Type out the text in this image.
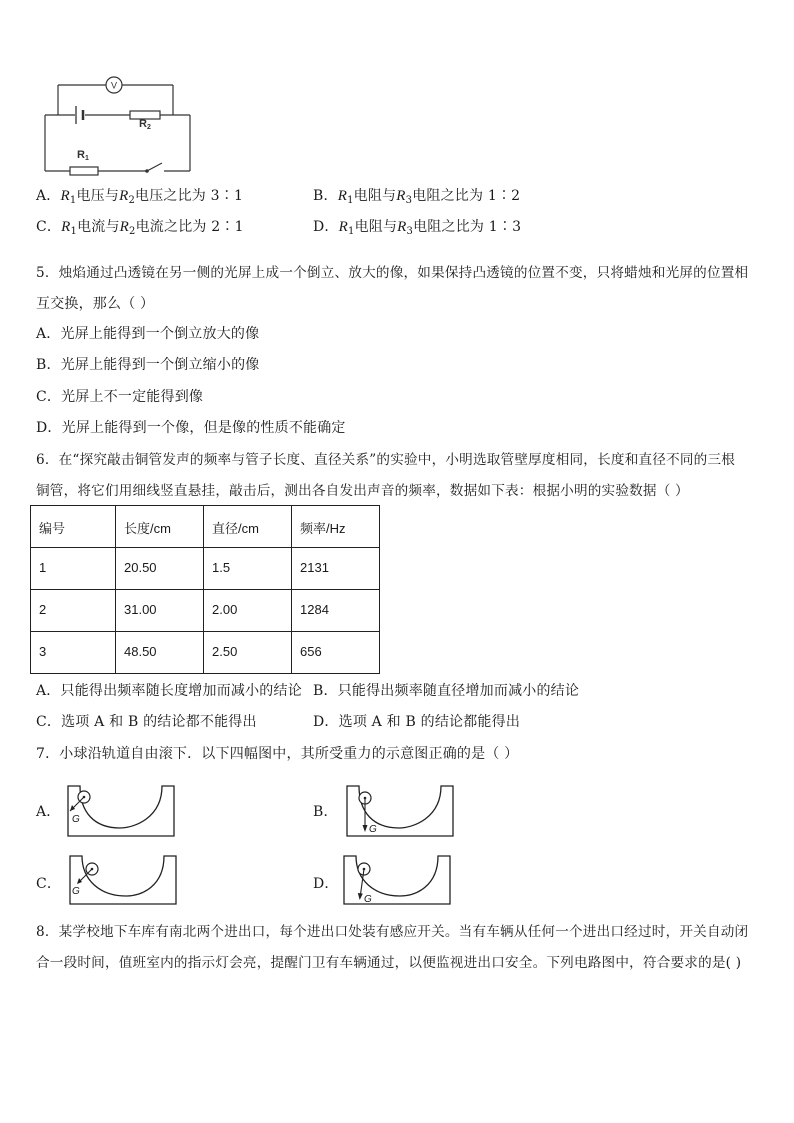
V
R2
R1
A．$R_1$电压与$R_2$电压之比为 3∶1	B．$R_1$电阻与$R_3$电阻之比为 1∶2
C．$R_1$电流与$R_2$电流之比为 2∶1	D．$R_1$电阻与$R_3$电阻之比为 1∶3
5．烛焰通过凸透镜在另一侧的光屏上成一个倒立、放大的像，如果保持凸透镜的位置不变，只将蜡烛和光屏的位置相
互交换，那么（ ）
A．光屏上能得到一个倒立放大的像
B．光屏上能得到一个倒立缩小的像
C．光屏上不一定能得到像
D．光屏上能得到一个像，但是像的性质不能确定
6．在“探究敲击铜管发声的频率与管子长度、直径关系”的实验中，小明选取管壁厚度相同，长度和直径不同的三根
铜管，将它们用细线竖直悬挂，敲击后，测出各自发出声音的频率，数据如下表：根据小明的实验数据（ ）
编号	长度/cm	直径/cm	频率/Hz
1	20.50	1.5	2131
2	31.00	2.00	1284
3	48.50	2.50	656
A．只能得出频率随长度增加而减小的结论 B．只能得出频率随直径增加而减小的结论
C．选项 A 和 B 的结论都不能得出	D．选项 A 和 B 的结论都能得出
7．小球沿轨道自由滚下．以下四幅图中，其所受重力的示意图正确的是（ ）
A．	B．
C．	D．
G
G
G
G
8．某学校地下车库有南北两个进出口，每个进出口处装有感应开关。当有车辆从任何一个进出口经过时，开关自动闭
合一段时间，值班室内的指示灯会亮，提醒门卫有车辆通过，以便监视进出口安全。下列电路图中，符合要求的是( )
